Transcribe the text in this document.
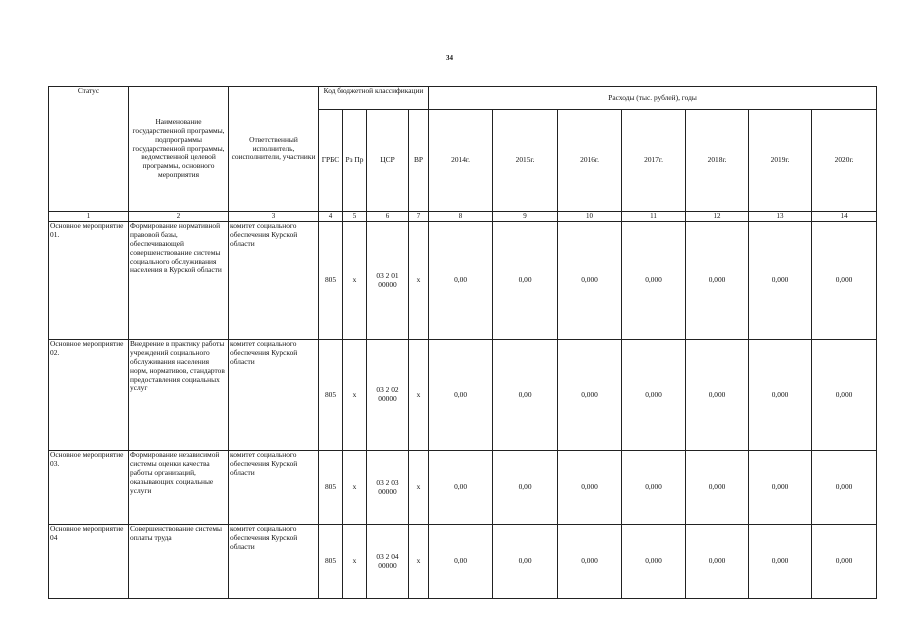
34
Статус	Наименование государственной программы, подпрограммы государственной программы, ведомственной целевой программы, основного мероприятия	Ответственный исполнитель, соисполнители, участники	Код бюджетной классификации				Расходы (тыс. рублей), годы						
			ГРБС	Рз Пр	ЦСР	ВР	2014г.	2015г.	2016г.	2017г.	2018г.	2019г.	2020г.
1	2	3	4	5	6	7	8	9	10	11	12	13	14
Основное мероприятие 01.	Формирование нормативной правовой базы, обеспечивающей совершенствование системы социального обслуживания населения в Курской области	комитет социального обеспечения Курской области	805	x	03 2 01 00000	x	0,00	0,00	0,000	0,000	0,000	0,000	0,000
Основное мероприятие 02.	Внедрение в практику работы учреждений социального обслуживания населения норм, нормативов, стандартов предоставления социальных услуг	комитет социального обеспечения Курской области	805	x	03 2 02 00000	x	0,00	0,00	0,000	0,000	0,000	0,000	0,000
Основное мероприятие 03.	Формирование независимой системы оценки качества работы организаций, оказывающих социальные услуги	комитет социального обеспечения Курской области	805	x	03 2 03 00000	x	0,00	0,00	0,000	0,000	0,000	0,000	0,000
Основное мероприятие 04	Совершенствование системы оплаты труда	комитет социального обеспечения Курской области	805	x	03 2 04 00000	x	0,00	0,00	0,000	0,000	0,000	0,000	0,000
